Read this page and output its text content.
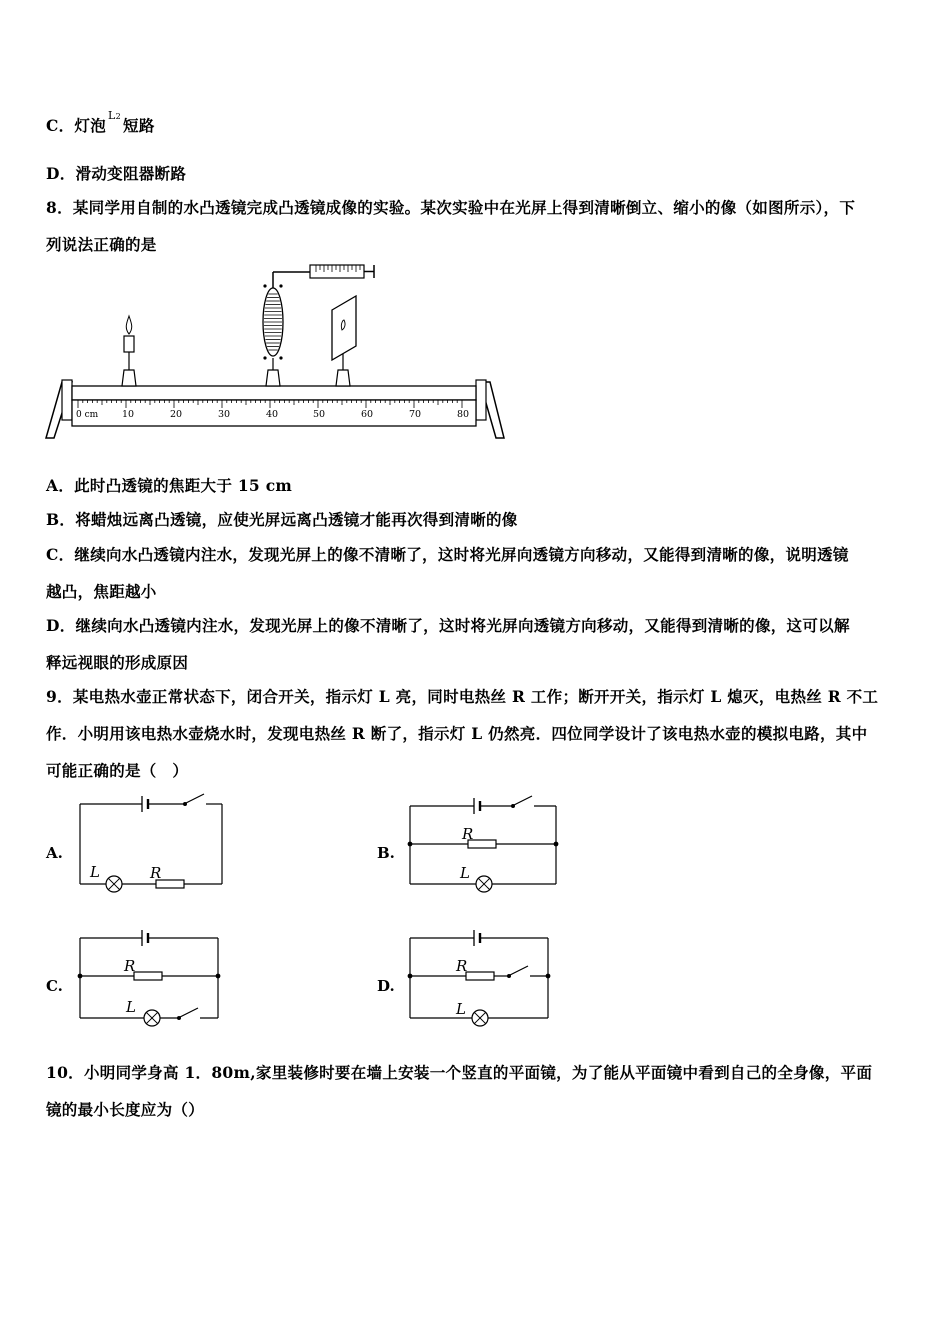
C．灯泡L2 短路
D．滑动变阻器断路
8．某同学用自制的水凸透镜完成凸透镜成像的实验。某次实验中在光屏上得到清晰倒立、缩小的像（如图所示），下
列说法正确的是
0 cm	10	20	30	40	50	60	70	80
A．此时凸透镜的焦距大于 15 cm
B．将蜡烛远离凸透镜，应使光屏远离凸透镜才能再次得到清晰的像
C．继续向水凸透镜内注水，发现光屏上的像不清晰了，这时将光屏向透镜方向移动，又能得到清晰的像，说明透镜
越凸，焦距越小
D．继续向水凸透镜内注水，发现光屏上的像不清晰了，这时将光屏向透镜方向移动，又能得到清晰的像，这可以解
释远视眼的形成原因
9．某电热水壶正常状态下，闭合开关，指示灯 L 亮，同时电热丝 R 工作；断开开关，指示灯 L 熄灭，电热丝 R 不工
作．小明用该电热水壶烧水时，发现电热丝 R 断了，指示灯 L 仍然亮．四位同学设计了该电热水壶的模拟电路，其中
可能正确的是（　）
A.	B.
C.	D.
L	R
R
L
R
L
R
L
10．小明同学身高 1．80m,家里装修时要在墙上安装一个竖直的平面镜，为了能从平面镜中看到自己的全身像，平面
镜的最小长度应为（）
